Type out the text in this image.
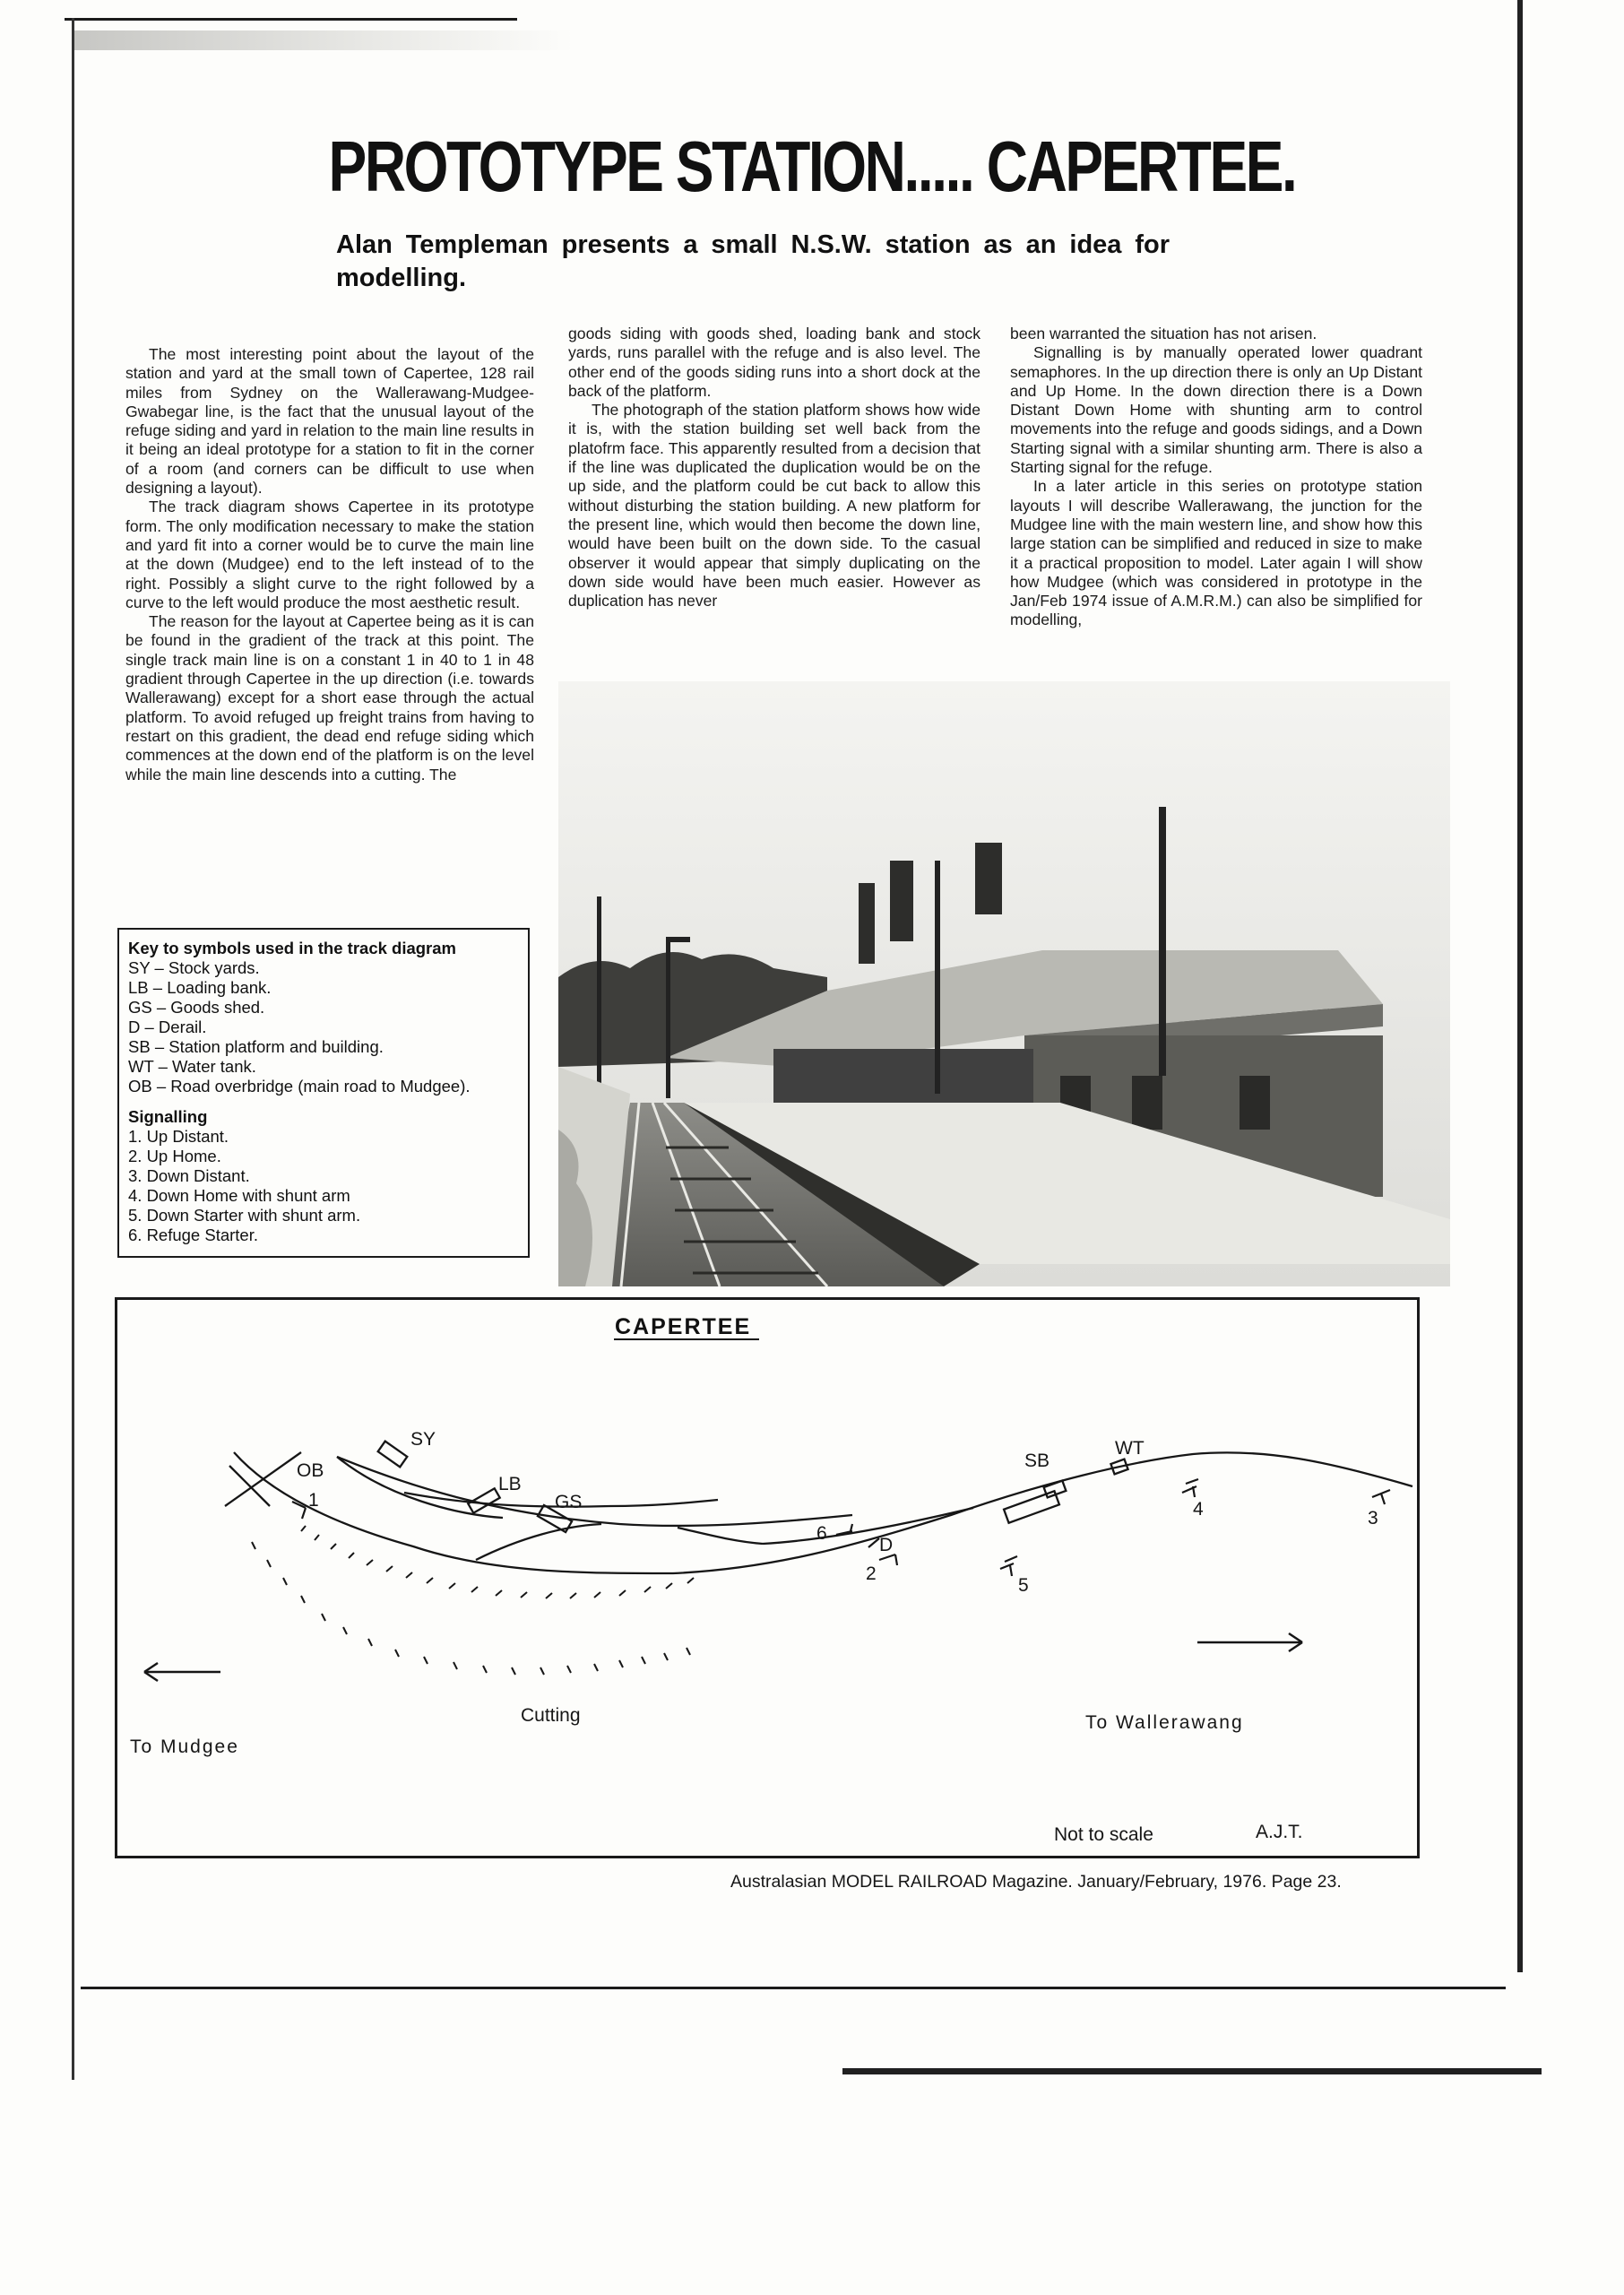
PROTOTYPE STATION..... CAPERTEE.
Alan Templeman presents a small N.S.W. station as an idea for modelling.

The most interesting point about the layout of the station and yard at the small town of Capertee, 128 rail miles from Sydney on the Wallerawang-Mudgee-Gwabegar line, is the fact that the unusual layout of the refuge siding and yard in relation to the main line results in it being an ideal prototype for a station to fit in the corner of a room (and corners can be difficult to use when designing a layout).

The track diagram shows Capertee in its prototype form. The only modification necessary to make the station and yard fit into a corner would be to curve the main line at the down (Mudgee) end to the left instead of to the right. Possibly a slight curve to the right followed by a curve to the left would produce the most aesthetic result.

The reason for the layout at Capertee being as it is can be found in the gradient of the track at this point. The single track main line is on a constant 1 in 40 to 1 in 48 gradient through Capertee in the up direction (i.e. towards Wallerawang) except for a short ease through the actual platform. To avoid refuged up freight trains from having to restart on this gradient, the dead end refuge siding which commences at the down end of the platform is on the level while the main line descends into a cutting. The

goods siding with goods shed, loading bank and stock yards, runs parallel with the refuge and is also level. The other end of the goods siding runs into a short dock at the back of the platform.

The photograph of the station platform shows how wide it is, with the station building set well back from the platofrm face. This apparently resulted from a decision that if the line was duplicated the duplication would be on the up side, and the platform could be cut back to allow this without disturbing the station building. A new platform for the present line, which would then become the down line, would have been built on the down side. To the casual observer it would appear that simply duplicating on the down side would have been much easier. However as duplication has never

been warranted the situation has not arisen.

Signalling is by manually operated lower quadrant semaphores. In the up direction there is only an Up Distant and Up Home. In the down direction there is a Down Distant Down Home with shunting arm to control movements into the refuge and goods sidings, and a Down Starting signal with a similar shunting arm. There is also a Starting signal for the refuge.

In a later article in this series on prototype station layouts I will describe Wallerawang, the junction for the Mudgee line with the main western line, and show how this large station can be simplified and reduced in size to make it a practical proposition to model. Later again I will show how Mudgee (which was considered in prototype in the Jan/Feb 1974 issue of A.M.R.M.) can also be simplified for modelling,

Key to symbols used in the track diagram
SY – Stock yards.
LB – Loading bank.
GS – Goods shed.
D – Derail.
SB – Station platform and building.
WT – Water tank.
OB – Road overbridge (main road to Mudgee).
Signalling
1. Up Distant.
2. Up Home.
3. Down Distant.
4. Down Home with shunt arm
5. Down Starter with shunt arm.
6. Refuge Starter.
CAPERTEE
SY
LB
GS
OB	SB
WT
D
1
2
3
4
5
6
Cutting
To Mudgee
To Wallerawang
Not to scale	A.J.T.
Australasian MODEL RAILROAD Magazine. January/February, 1976. Page 23.
